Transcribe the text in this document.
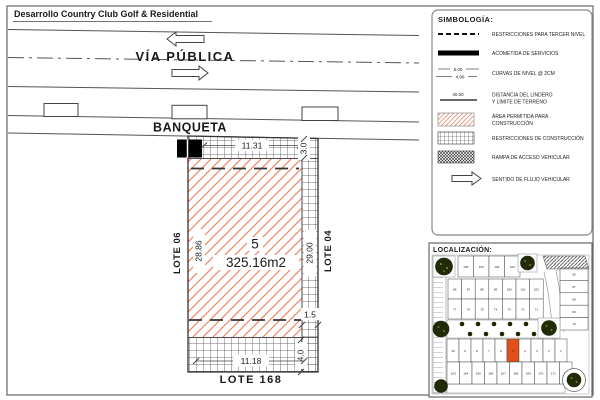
Desarrollo Country Club Golf & Residential
VÍA PÚBLICA
BANQUETA
11.31	3.0
28.86	29.00
1.5
4.0
11.18
5
325.16m2
LOTE 06	LOTE 04
LOTE 168
SIMBOLOGÍA:
RESTRICCIONES PARA TERCER NIVEL
ACOMETIDA DE SERVICIOS
5.00
4.90	CURVAS DE NIVEL @ 2CM
40.00	DISTANCIA DEL LINDERO
Y LÍMITE DE TERRENO
ÁREA PERMITIDA PARA
CONSTRUCCIÓN
RESTRICCIONES DE CONSTRUCCIÓN
RAMPA DE ACCESO VEHICULAR
SENTIDO DE FLUJO VEHICULAR
LOCALIZACIÓN:
106	105	104	103
86	87	88	89	100	101	102
77	76	75	74	73	72	71
10	9	8	7	6	5	4	3	2	1
163 164 165 166 167 168 169 170 171
66
67
68
69
70
